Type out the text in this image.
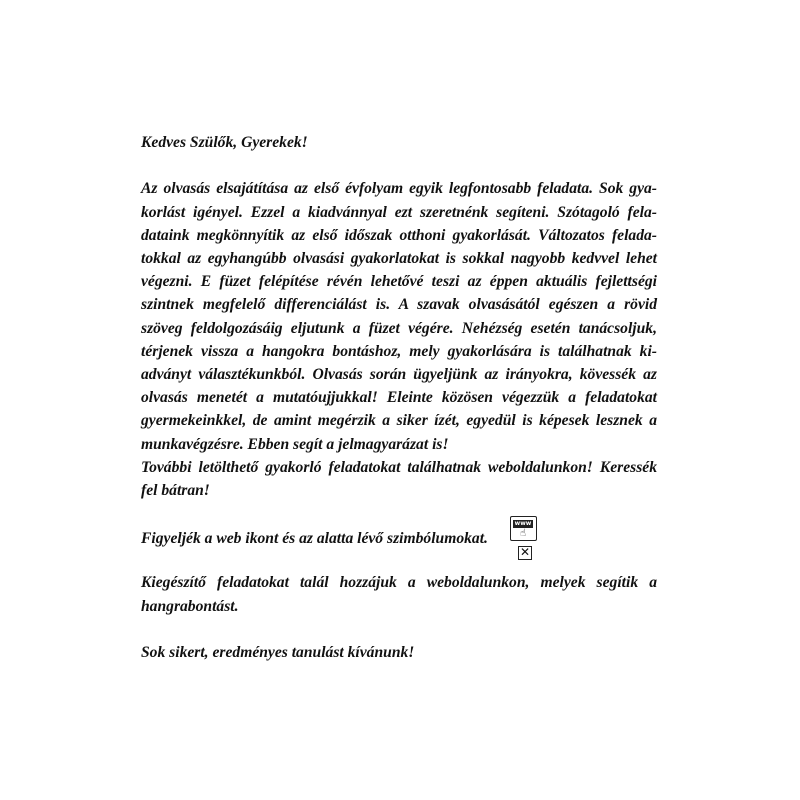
Kedves Szülők, Gyerekek!

Az olvasás elsajátítása az első évfolyam egyik legfontosabb feladata. Sok gya-
korlást igényel. Ezzel a kiadvánnyal ezt szeretnénk segíteni. Szótagoló fela-
dataink megkönnyítik az első időszak otthoni gyakorlását. Változatos felada-
tokkal az egyhangúbb olvasási gyakorlatokat is sokkal nagyobb kedvvel lehet
végezni. E füzet felépítése révén lehetővé teszi az éppen aktuális fejlettségi
szintnek megfelelő differenciálást is. A szavak olvasásától egészen a rövid
szöveg feldolgozásáig eljutunk a füzet végére. Nehézség esetén tanácsoljuk,
térjenek vissza a hangokra bontáshoz, mely gyakorlására is találhatnak ki-
adványt választékunkból. Olvasás során ügyeljünk az irányokra, kövessék az
olvasás menetét a mutatóujjukkal! Eleinte közösen végezzük a feladatokat
gyermekeinkkel, de amint megérzik a siker ízét, egyedül is képesek lesznek a
munkavégzésre. Ebben segít a jelmagyarázat is!
További letölthető gyakorló feladatokat találhatnak weboldalunkon! Keressék
fel bátran!
Figyeljék a web ikont és az alatta lévő szimbólumokat.
www
☝
✕
Kiegészítő feladatokat talál hozzájuk a weboldalunkon, melyek segítik a
hangrabontást.

Sok sikert, eredményes tanulást kívánunk!
